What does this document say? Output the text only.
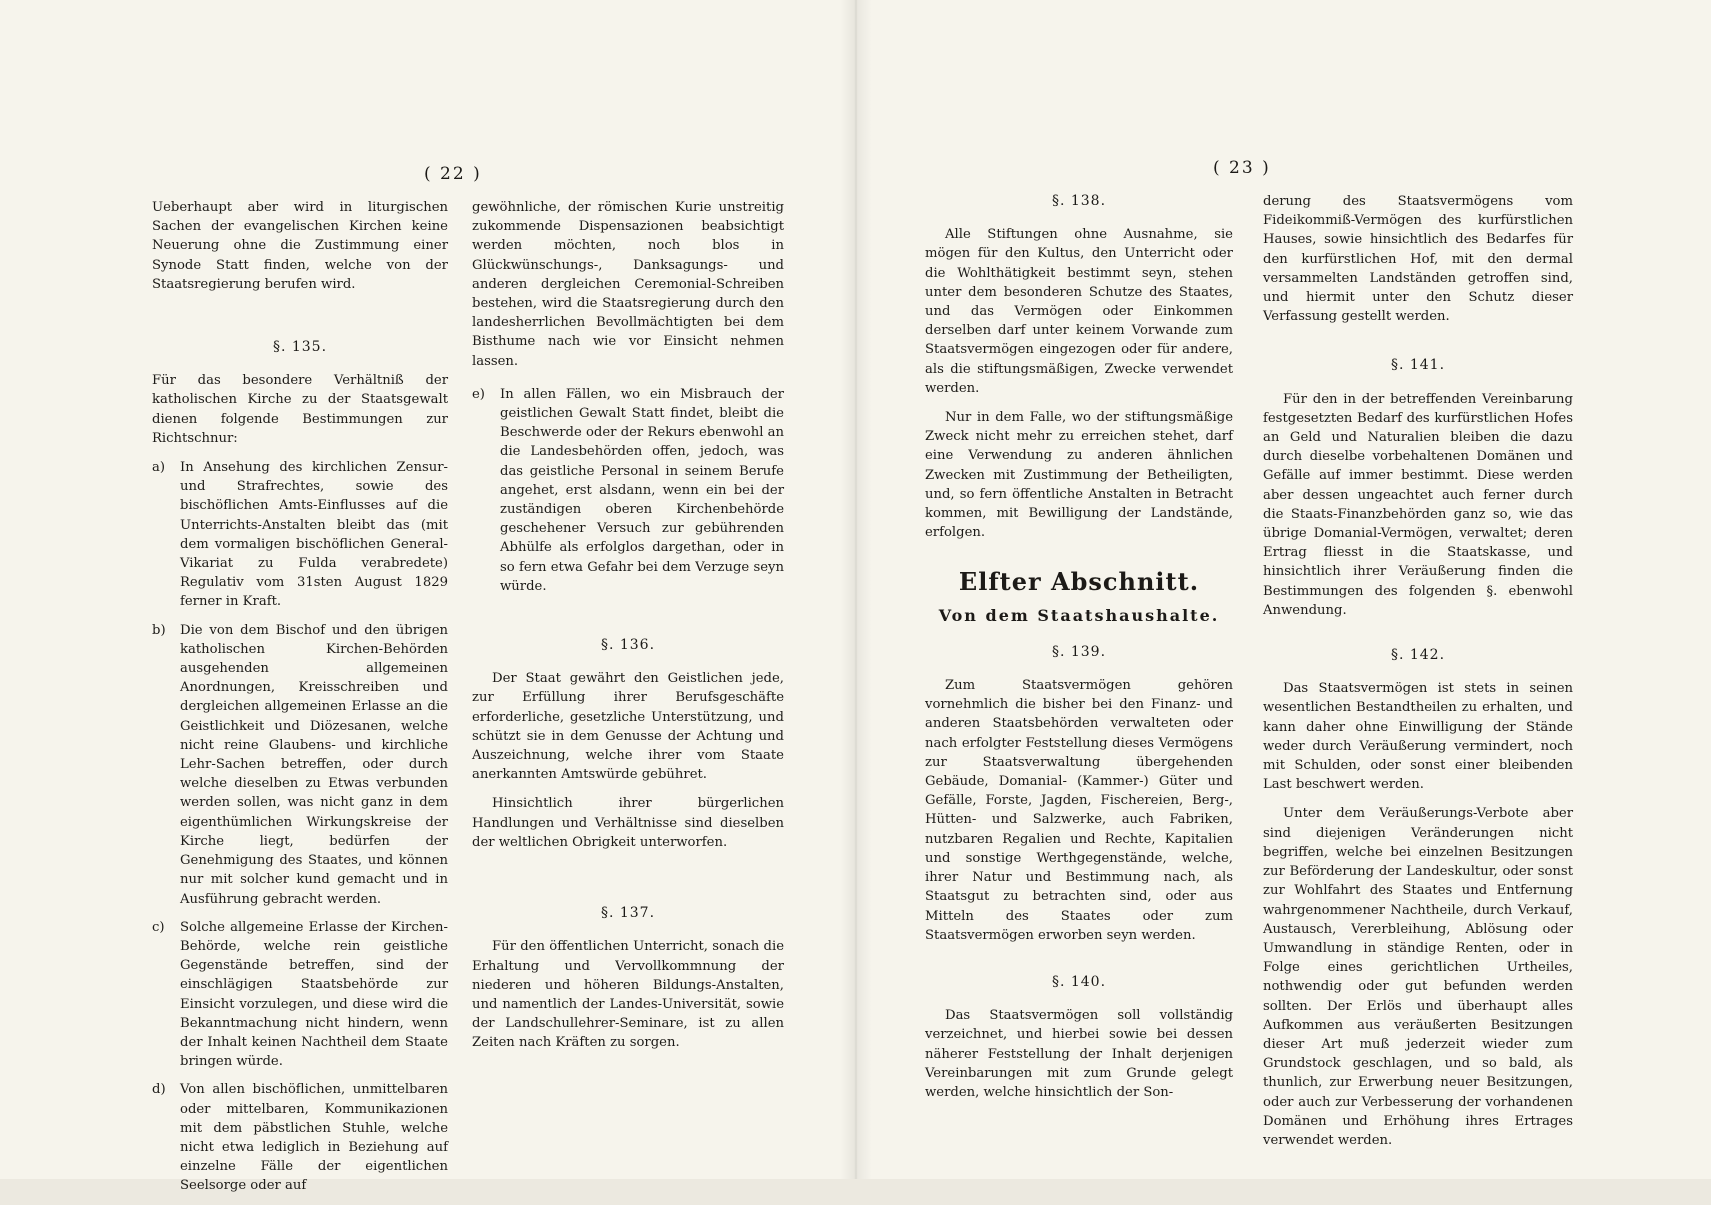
( 22 )

Ueberhaupt aber wird in liturgischen Sachen der evangelischen Kirchen keine Neuerung ohne die Zustimmung einer Synode Statt finden, welche von der Staatsregierung berufen wird.

§. 135.

Für das besondere Verhältniß der katholischen Kirche zu der Staatsgewalt dienen folgende Bestimmungen zur Richtschnur:

a)	In Ansehung des kirchlichen Zensur- und Strafrechtes, sowie des bischöflichen Amts-Einflusses auf die Unterrichts-Anstalten bleibt das (mit dem vormaligen bischöflichen General-Vikariat zu Fulda verabredete) Regulativ vom 31sten August 1829 ferner in Kraft.
b)	Die von dem Bischof und den übrigen katholischen Kirchen-Behörden ausgehenden allgemeinen Anordnungen, Kreisschreiben und dergleichen allgemeinen Erlasse an die Geistlichkeit und Diözesanen, welche nicht reine Glaubens- und kirchliche Lehr-Sachen betreffen, oder durch welche dieselben zu Etwas verbunden werden sollen, was nicht ganz in dem eigenthümlichen Wirkungskreise der Kirche liegt, bedürfen der Genehmigung des Staates, und können nur mit solcher kund gemacht und in Ausführung gebracht werden.
c)	Solche allgemeine Erlasse der Kirchen-Behörde, welche rein geistliche Gegenstände betreffen, sind der einschlägigen Staatsbehörde zur Einsicht vorzulegen, und diese wird die Bekanntmachung nicht hindern, wenn der Inhalt keinen Nachtheil dem Staate bringen würde.
d)	Von allen bischöflichen, unmittelbaren oder mittelbaren, Kommunikazionen mit dem päbstlichen Stuhle, welche nicht etwa lediglich in Beziehung auf einzelne Fälle der eigentlichen Seelsorge oder auf

gewöhnliche, der römischen Kurie unstreitig zukommende Dispensazionen beabsichtigt werden möchten, noch blos in Glückwünschungs-, Danksagungs- und anderen dergleichen Ceremonial-Schreiben bestehen, wird die Staatsregierung durch den landesherrlichen Bevollmächtigten bei dem Bisthume nach wie vor Einsicht nehmen lassen.

e)	In allen Fällen, wo ein Misbrauch der geistlichen Gewalt Statt findet, bleibt die Beschwerde oder der Rekurs ebenwohl an die Landesbehörden offen, jedoch, was das geistliche Personal in seinem Berufe angehet, erst alsdann, wenn ein bei der zuständigen oberen Kirchenbehörde geschehener Versuch zur gebührenden Abhülfe als erfolglos dargethan, oder in so fern etwa Gefahr bei dem Verzuge seyn würde.
§. 136.

Der Staat gewährt den Geistlichen jede, zur Erfüllung ihrer Berufsgeschäfte erforderliche, gesetzliche Unterstützung, und schützt sie in dem Genusse der Achtung und Auszeichnung, welche ihrer vom Staate anerkannten Amtswürde gebühret.

Hinsichtlich ihrer bürgerlichen Handlungen und Verhältnisse sind dieselben der weltlichen Obrigkeit unterworfen.

§. 137.

Für den öffentlichen Unterricht, sonach die Erhaltung und Vervollkommnung der niederen und höheren Bildungs-Anstalten, und namentlich der Landes-Universität, sowie der Landschullehrer-Seminare, ist zu allen Zeiten nach Kräften zu sorgen.

( 23 )
§. 138.

Alle Stiftungen ohne Ausnahme, sie mögen für den Kultus, den Unterricht oder die Wohlthätigkeit bestimmt seyn, stehen unter dem besonderen Schutze des Staates, und das Vermögen oder Einkommen derselben darf unter keinem Vorwande zum Staatsvermögen eingezogen oder für andere, als die stiftungsmäßigen, Zwecke verwendet werden.

Nur in dem Falle, wo der stiftungsmäßige Zweck nicht mehr zu erreichen stehet, darf eine Verwendung zu anderen ähnlichen Zwecken mit Zustimmung der Betheiligten, und, so fern öffentliche Anstalten in Betracht kommen, mit Bewilligung der Landstände, erfolgen.

Elfter Abschnitt.
Von dem Staatshaushalte.
§. 139.

Zum Staatsvermögen gehören vornehmlich die bisher bei den Finanz- und anderen Staatsbehörden verwalteten oder nach erfolgter Feststellung dieses Vermögens zur Staatsverwaltung übergehenden Gebäude, Domanial- (Kammer-) Güter und Gefälle, Forste, Jagden, Fischereien, Berg-, Hütten- und Salzwerke, auch Fabriken, nutzbaren Regalien und Rechte, Kapitalien und sonstige Werthgegenstände, welche, ihrer Natur und Bestimmung nach, als Staatsgut zu betrachten sind, oder aus Mitteln des Staates oder zum Staatsvermögen erworben seyn werden.

§. 140.

Das Staatsvermögen soll vollständig verzeichnet, und hierbei sowie bei dessen näherer Feststellung der Inhalt derjenigen Vereinbarungen mit zum Grunde gelegt werden, welche hinsichtlich der Son-

derung des Staatsvermögens vom Fideikommiß-Vermögen des kurfürstlichen Hauses, sowie hinsichtlich des Bedarfes für den kurfürstlichen Hof, mit den dermal versammelten Landständen getroffen sind, und hiermit unter den Schutz dieser Verfassung gestellt werden.

§. 141.

Für den in der betreffenden Vereinbarung festgesetzten Bedarf des kurfürstlichen Hofes an Geld und Naturalien bleiben die dazu durch dieselbe vorbehaltenen Domänen und Gefälle auf immer bestimmt. Diese werden aber dessen ungeachtet auch ferner durch die Staats-Finanzbehörden ganz so, wie das übrige Domanial-Vermögen, verwaltet; deren Ertrag fliesst in die Staatskasse, und hinsichtlich ihrer Veräußerung finden die Bestimmungen des folgenden §. ebenwohl Anwendung.

§. 142.

Das Staatsvermögen ist stets in seinen wesentlichen Bestandtheilen zu erhalten, und kann daher ohne Einwilligung der Stände weder durch Veräußerung vermindert, noch mit Schulden, oder sonst einer bleibenden Last beschwert werden.

Unter dem Veräußerungs-Verbote aber sind diejenigen Veränderungen nicht begriffen, welche bei einzelnen Besitzungen zur Beförderung der Landeskultur, oder sonst zur Wohlfahrt des Staates und Entfernung wahrgenommener Nachtheile, durch Verkauf, Austausch, Vererbleihung, Ablösung oder Umwandlung in ständige Renten, oder in Folge eines gerichtlichen Urtheiles, nothwendig oder gut befunden werden sollten. Der Erlös und überhaupt alles Aufkommen aus veräußerten Besitzungen dieser Art muß jederzeit wieder zum Grundstock geschlagen, und so bald, als thunlich, zur Erwerbung neuer Besitzungen, oder auch zur Verbesserung der vorhandenen Domänen und Erhöhung ihres Ertrages verwendet werden.
